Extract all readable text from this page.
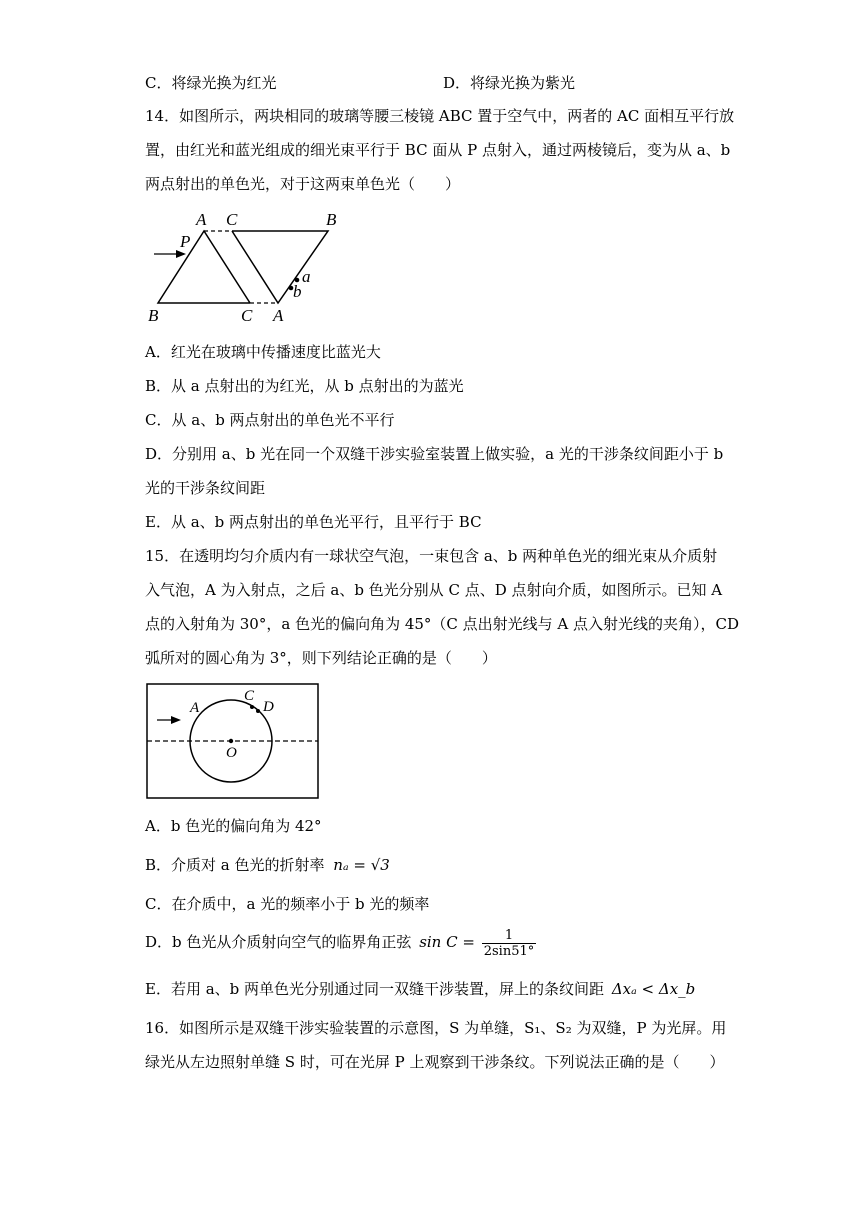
C．将绿光换为红光	D．将绿光换为紫光
14．如图所示，两块相同的玻璃等腰三棱镜 ABC 置于空气中，两者的 AC 面相互平行放
置，由红光和蓝光组成的细光束平行于 BC 面从 P 点射入，通过两棱镜后，变为从 a、b
两点射出的单色光，对于这两束单色光（　　）
A C	B
P
a
b
B	C A
A．红光在玻璃中传播速度比蓝光大
B．从 a 点射出的为红光，从 b 点射出的为蓝光
C．从 a、b 两点射出的单色光不平行
D．分别用 a、b 光在同一个双缝干涉实验室装置上做实验，a 光的干涉条纹间距小于 b
光的干涉条纹间距
E．从 a、b 两点射出的单色光平行，且平行于 BC
15．在透明均匀介质内有一球状空气泡，一束包含 a、b 两种单色光的细光束从介质射
入气泡，A 为入射点，之后 a、b 色光分别从 C 点、D 点射向介质，如图所示。已知 A
点的入射角为 30°，a 色光的偏向角为 45°（C 点出射光线与 A 点入射光线的夹角），CD
弧所对的圆心角为 3°，则下列结论正确的是（　　）
A
C
D
O
A．b 色光的偏向角为 42°
B．介质对 a 色光的折射率 nₐ = √3
C．在介质中，a 光的频率小于 b 光的频率
D．b 色光从介质射向空气的临界角正弦 $\sin C = \frac{1}{2\sin 51^\circ}$
E．若用 a、b 两单色光分别通过同一双缝干涉装置，屏上的条纹间距 Δxₐ < Δx_b
16．如图所示是双缝干涉实验装置的示意图，S 为单缝，S₁、S₂ 为双缝，P 为光屏。用
绿光从左边照射单缝 S 时，可在光屏 P 上观察到干涉条纹。下列说法正确的是（　　）
